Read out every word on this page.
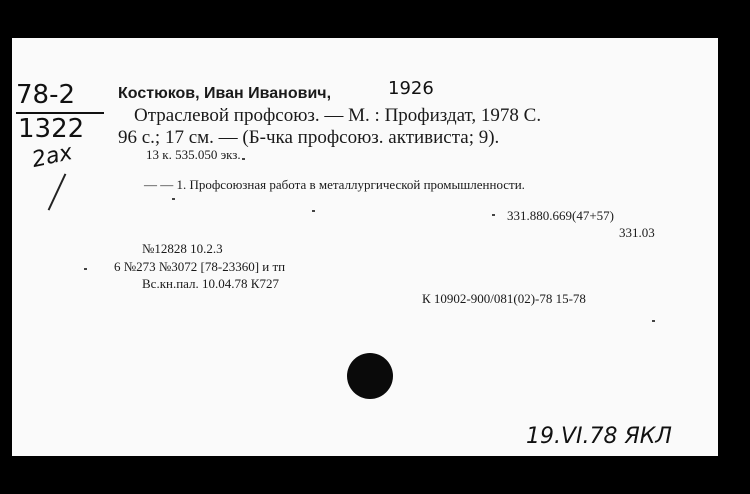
78-2
1322
2ax
Костюков, Иван Иванович,	1926
Отраслевой профсоюз. — М. : Профиздат, 1978 С.
96 с.; 17 см. — (Б-чка профсоюз. активиста; 9).
13 к. 535.050 экз.
— — 1. Профсоюзная работа в металлургической промышленности.
331.880.669(47+57)
331.03
№12828 10.2.3
6 №273 №3072 [78-23360] и тп
Вс.кн.пал. 10.04.78 К727
К 10902-900/081(02)-78 15-78
19.VI.78 ЯКЛ
